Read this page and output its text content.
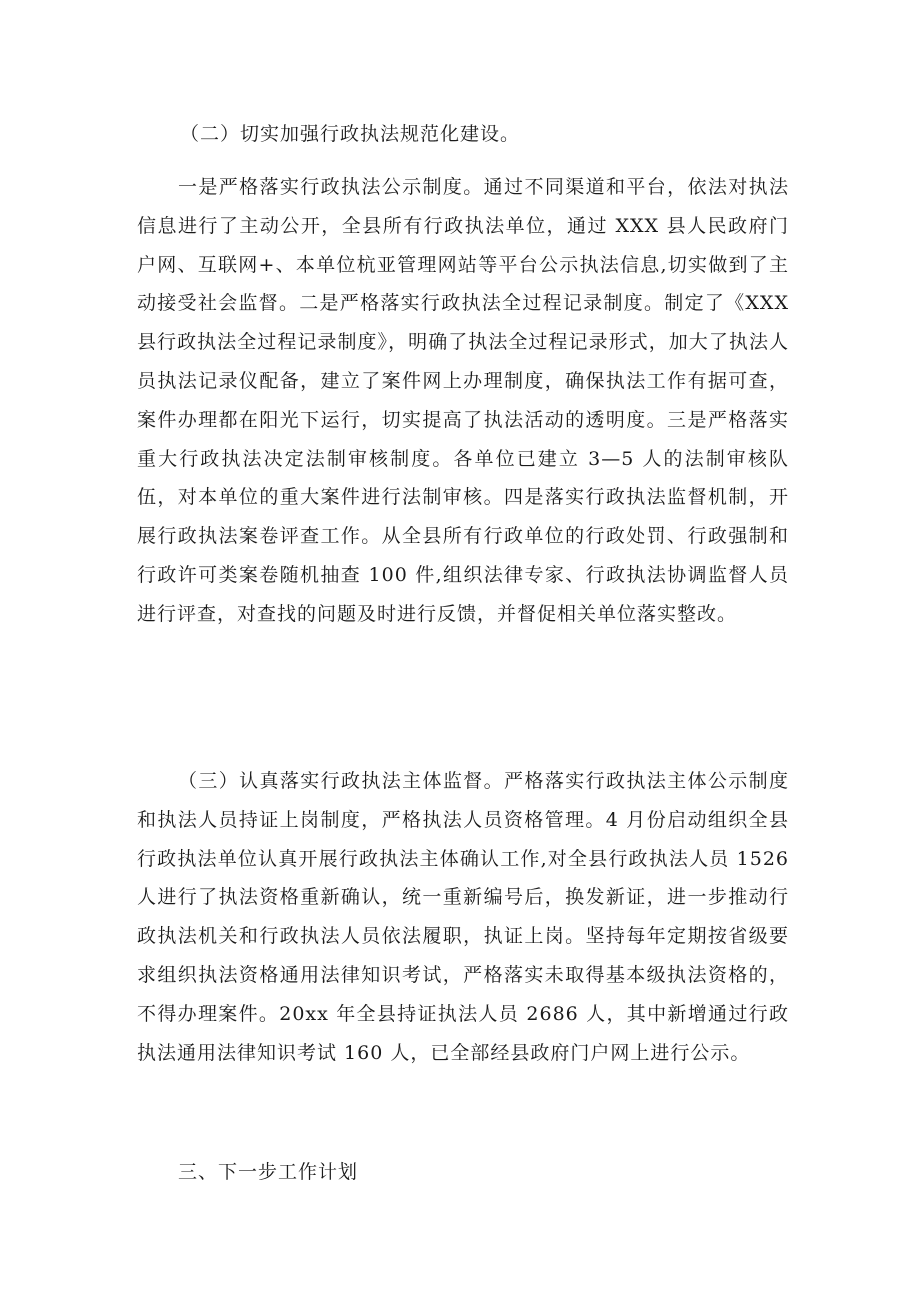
（二）切实加强行政执法规范化建设。

一是严格落实行政执法公示制度。通过不同渠道和平台，依法对执法信息进行了主动公开，全县所有行政执法单位，通过 XXX 县人民政府门户网、互联网+、本单位杭亚管理网站等平台公示执法信息,切实做到了主动接受社会监督。二是严格落实行政执法全过程记录制度。制定了《XXX 县行政执法全过程记录制度》，明确了执法全过程记录形式，加大了执法人员执法记录仪配备，建立了案件网上办理制度，确保执法工作有据可查，案件办理都在阳光下运行，切实提高了执法活动的透明度。三是严格落实重大行政执法决定法制审核制度。各单位已建立 3—5 人的法制审核队伍，对本单位的重大案件进行法制审核。四是落实行政执法监督机制，开展行政执法案卷评查工作。从全县所有行政单位的行政处罚、行政强制和行政许可类案卷随机抽查 100 件,组织法律专家、行政执法协调监督人员进行评查，对查找的问题及时进行反馈，并督促相关单位落实整改。

（三）认真落实行政执法主体监督。严格落实行政执法主体公示制度和执法人员持证上岗制度，严格执法人员资格管理。4 月份启动组织全县行政执法单位认真开展行政执法主体确认工作,对全县行政执法人员 1526 人进行了执法资格重新确认，统一重新编号后，换发新证，进一步推动行政执法机关和行政执法人员依法履职，执证上岗。坚持每年定期按省级要求组织执法资格通用法律知识考试，严格落实未取得基本级执法资格的，不得办理案件。20xx 年全县持证执法人员 2686 人，其中新增通过行政执法通用法律知识考试 160 人，已全部经县政府门户网上进行公示。

三、下一步工作计划
